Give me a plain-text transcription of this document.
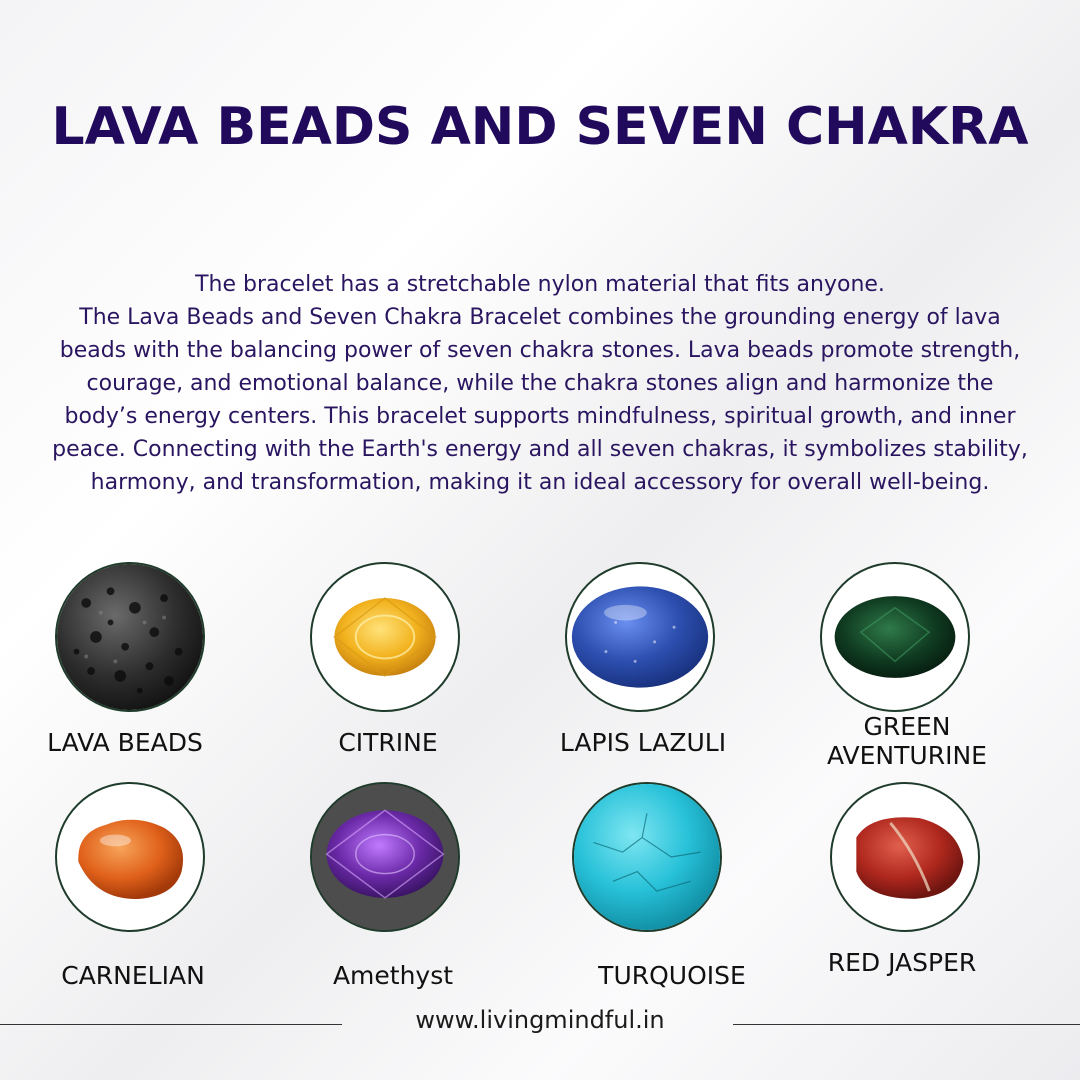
LAVA BEADS AND SEVEN CHAKRA

The bracelet has a stretchable nylon material that fits anyone.

The Lava Beads and Seven Chakra Bracelet combines the grounding energy of lava beads with the balancing power of seven chakra stones. Lava beads promote strength, courage, and emotional balance, while the chakra stones align and harmonize the body’s energy centers. This bracelet supports mindfulness, spiritual growth, and inner peace. Connecting with the Earth's energy and all seven chakras, it symbolizes stability, harmony, and transformation, making it an ideal accessory for overall well-being.

LAVA BEADS	CITRINE	LAPIS LAZULI
GREEN AVENTURINE
CARNELIAN	Amethyst	TURQUOISE	RED JASPER
www.livingmindful.in
